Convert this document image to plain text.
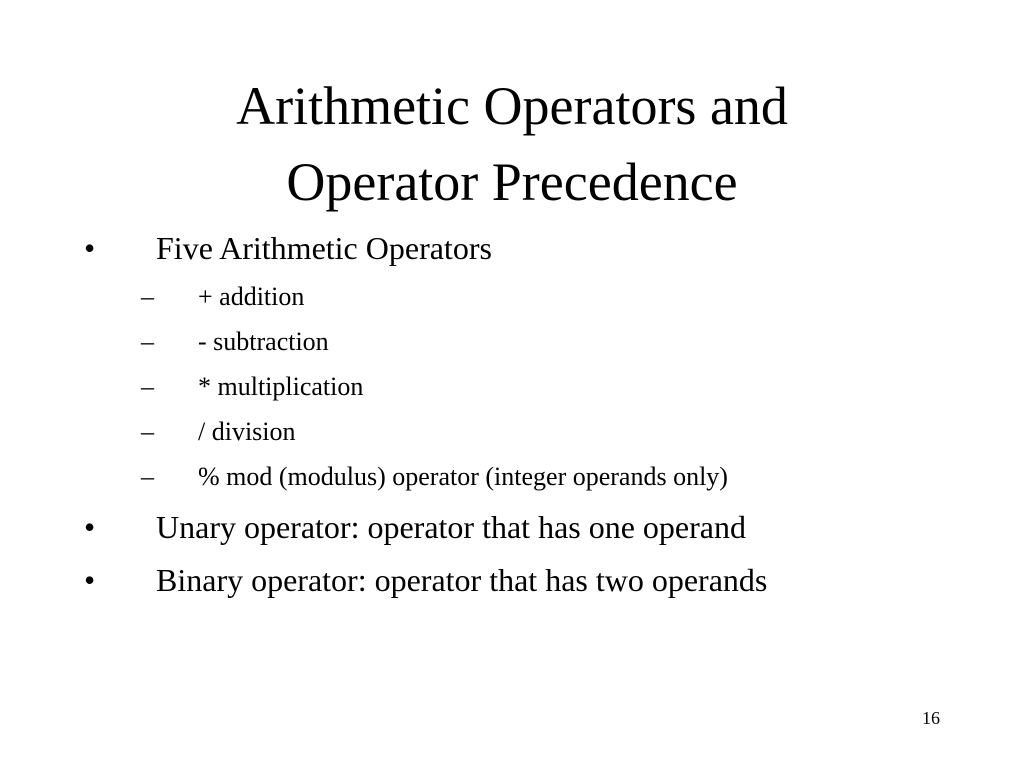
Arithmetic Operators and
Operator Precedence
• Five Arithmetic Operators
– + addition
– - subtraction
– * multiplication
– / division
– % mod (modulus) operator (integer operands only)
• Unary operator: operator that has one operand
• Binary operator: operator that has two operands
16
